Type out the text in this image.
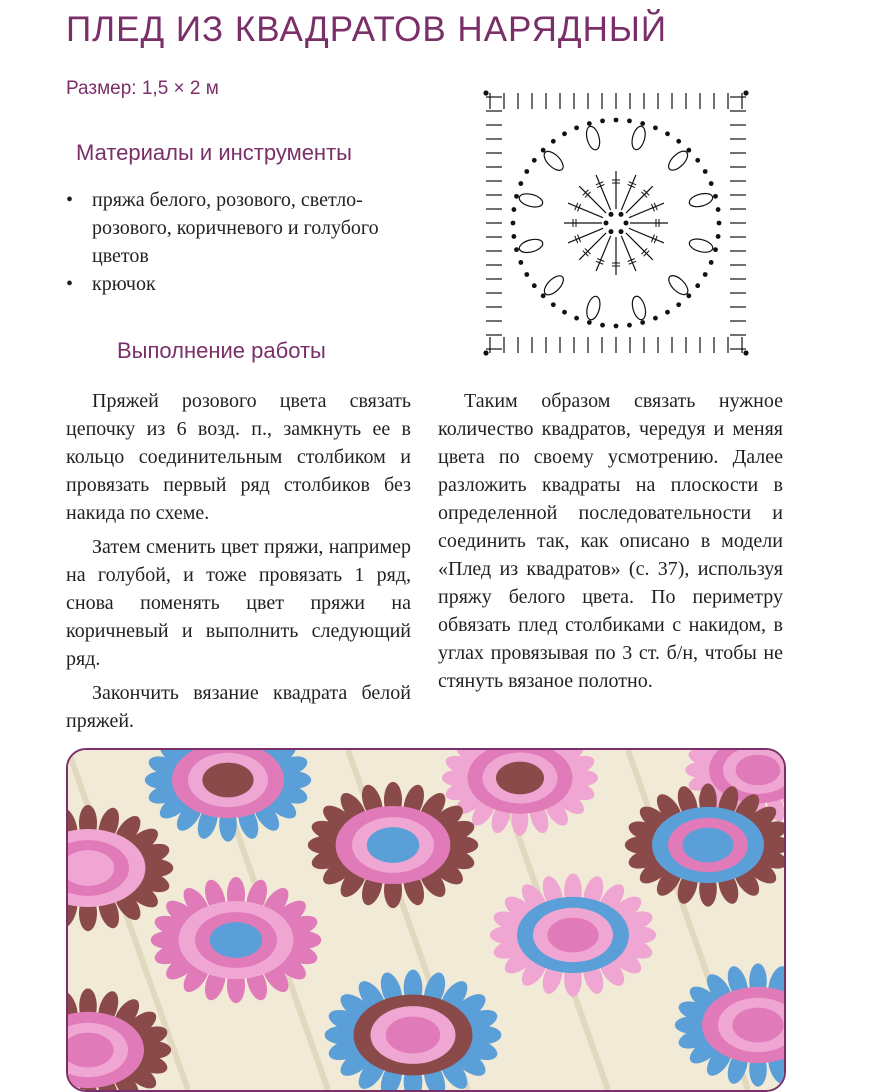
ПЛЕД ИЗ КВАДРАТОВ НАРЯДНЫЙ
Размер: 1,5 × 2 м
Материалы и инструменты
• пряжа белого, розового, светло-розового, коричневого и голубого цветов
• крючок
Выполнение работы

Пряжей розового цвета связать цепочку из 6 возд. п., замкнуть ее в кольцо соединительным столбиком и провязать первый ряд столбиков без накида по схеме.

Затем сменить цвет пряжи, например на голубой, и тоже провязать 1 ряд, снова поменять цвет пряжи на коричневый и выполнить следующий ряд.

Закончить вязание квадрата белой пряжей.

Таким образом связать нужное количество квадратов, чередуя и меняя цвета по своему усмотрению. Далее разложить квадраты на плоскости в определенной последовательности и соединить так, как описано в модели «Плед из квадратов» (с. 37), используя пряжу белого цвета. По периметру обвязать плед столбиками с накидом, в углах провязывая по 3 ст. б/н, чтобы не стянуть вязаное полотно.
